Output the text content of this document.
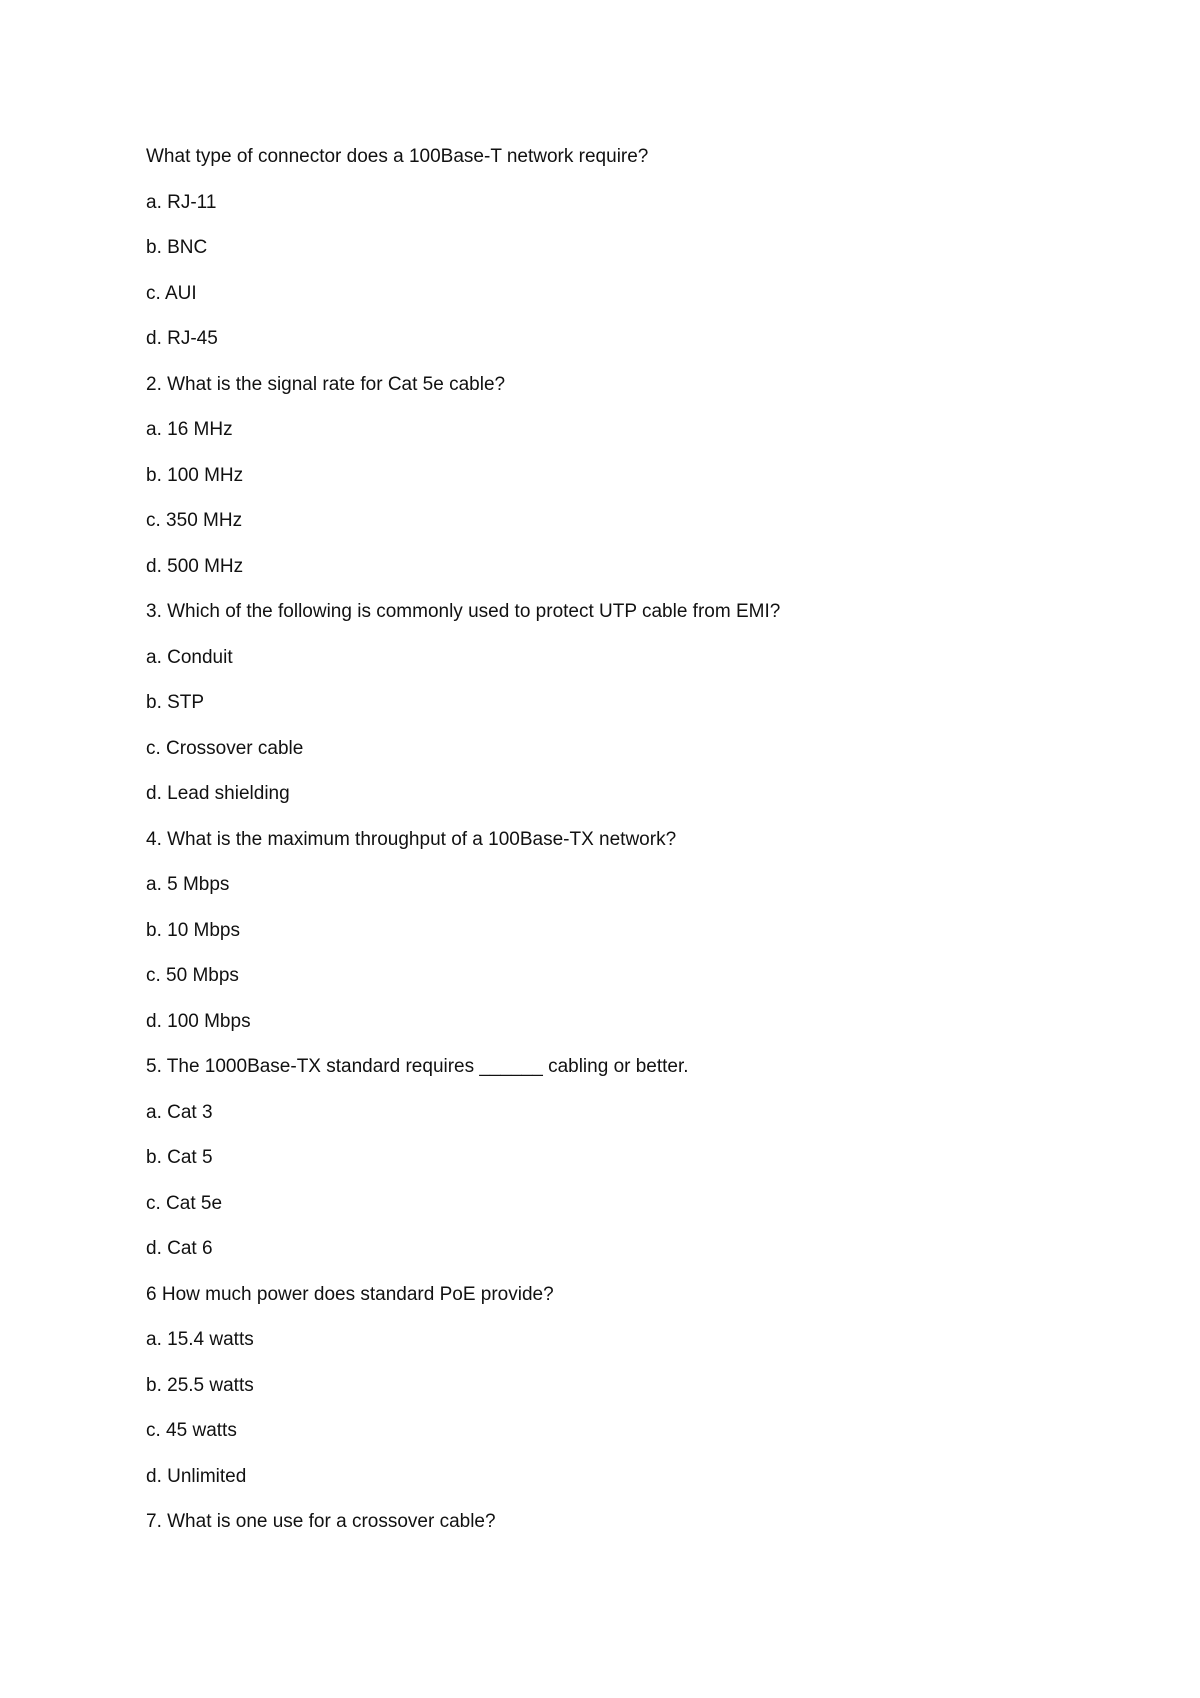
What type of connector does a 100Base-T network require?
a. RJ-11
b. BNC
c. AUI
d. RJ-45
2. What is the signal rate for Cat 5e cable?
a. 16 MHz
b. 100 MHz
c. 350 MHz
d. 500 MHz
3. Which of the following is commonly used to protect UTP cable from EMI?
a. Conduit
b. STP
c. Crossover cable
d. Lead shielding
4. What is the maximum throughput of a 100Base-TX network?
a. 5 Mbps
b. 10 Mbps
c. 50 Mbps
d. 100 Mbps
5. The 1000Base-TX standard requires ______ cabling or better.
a. Cat 3
b. Cat 5
c. Cat 5e
d. Cat 6
6 How much power does standard PoE provide?
a. 15.4 watts
b. 25.5 watts
c. 45 watts
d. Unlimited
7. What is one use for a crossover cable?
